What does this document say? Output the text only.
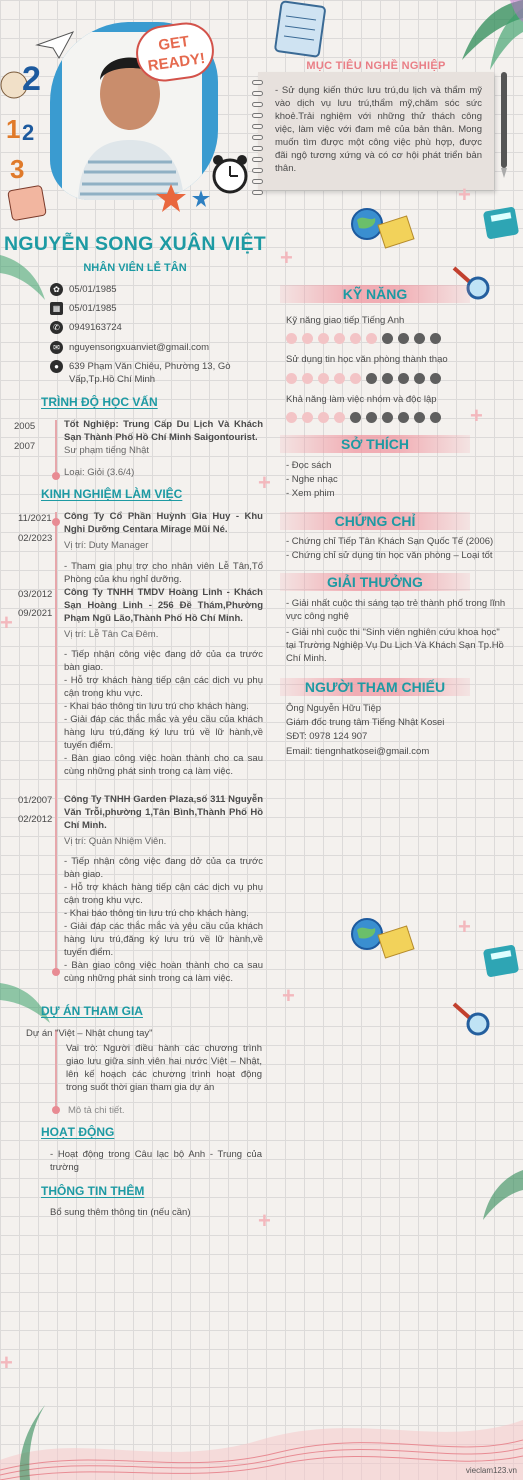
2
1 2
3
GET READY!	MỤC TIÊU NGHỀ NGHIỆP

- Sử dụng kiến thức lưu trú,du lịch và thẩm mỹ vào dịch vụ lưu trú,thẩm mỹ,chăm sóc sức khoẻ.Trải nghiệm với những thử thách công việc, làm việc với đam mê của bản thân. Mong muốn tìm được một công việc phù hợp, được đãi ngộ tương xứng và có cơ hội phát triển bản thân.

NGUYỄN SONG XUÂN VIỆT
NHÂN VIÊN LỄ TÂN
✿ 05/01/1985
▦ 05/01/1985
✆ 0949163724
✉ nguyensongxuanviet@gmail.com
●	639 Phạm Văn Chiêu, Phường 13, Gò Vấp,Tp.Hồ Chí Minh
TRÌNH ĐỘ HỌC VẤN
2005
2007
Tốt Nghiệp: Trung Cấp Du Lịch Và Khách Sạn Thành Phố Hồ Chí Minh Saigontourist.
Sư phạm tiếng Nhật
Loại: Giỏi (3.6/4)
KINH NGHIỆM LÀM VIỆC
11/2021
02/2023
Công Ty Cổ Phần Huỳnh Gia Huy - Khu Nghỉ Dưỡng Centara Mirage Mũi Né.
Vị trí: Duty Manager
- Tham gia phụ trợ cho nhân viên Lễ Tân,Tổ Phòng của khu nghỉ dưỡng.
03/2012
09/2021
Công Ty TNHH TMDV Hoàng Linh - Khách Sạn Hoàng Linh - 256 Đề Thám,Phường Phạm Ngũ Lão,Thành Phố Hồ Chí Minh.
Vị trí: Lễ Tân Ca Đêm.
- Tiếp nhận công việc đang dở của ca trước bàn giao.
- Hỗ trợ khách hàng tiếp cận các dịch vụ phụ cận trong khu vực.
- Khai báo thông tin lưu trú cho khách hàng.
- Giải đáp các thắc mắc và yêu cầu của khách hàng lưu trú,đăng ký lưu trú về lữ hành,về tuyến điểm.
- Bàn giao công việc hoàn thành cho ca sau cùng những phát sinh trong ca làm việc.
01/2007
02/2012
Công Ty TNHH Garden Plaza,số 311 Nguyễn Văn Trỗi,phường 1,Tân Bình,Thành Phố Hồ Chí Minh.
Vị trí: Quản Nhiệm Viên.
- Tiếp nhận công việc đang dở của ca trước bàn giao.
- Hỗ trợ khách hàng tiếp cận các dịch vụ phụ cận trong khu vực.
- Khai báo thông tin lưu trú cho khách hàng.
- Giải đáp các thắc mắc và yêu cầu của khách hàng lưu trú,đăng ký lưu trú về lữ hành,về tuyến điểm.
- Bàn giao công việc hoàn thành cho ca sau cùng những phát sinh trong ca làm việc.
DỰ ÁN THAM GIA
Dự án "Việt – Nhật chung tay"
Vai trò: Người điều hành các chương trình giao lưu giữa sinh viên hai nước Việt – Nhật, lên kế hoạch các chương trình hoạt động trong suốt thời gian tham gia dự án
Mô tả chi tiết.
HOẠT ĐỘNG
- Hoạt động trong Câu lạc bộ Anh - Trung của trường
THÔNG TIN THÊM
Bổ sung thêm thông tin (nếu cần)
+
+
+
+
+
+
+
+
+
KỸ NĂNG
Kỹ năng giao tiếp Tiếng Anh
Sử dụng tin học văn phòng thành thạo
Khả năng làm việc nhóm và độc lập
SỞ THÍCH
- Đọc sách
- Nghe nhạc
- Xem phim
CHỨNG CHỈ
- Chứng chỉ Tiếp Tân Khách Sạn Quốc Tế (2006)
- Chứng chỉ sử dụng tin học văn phòng – Loại tốt
GIẢI THƯỞNG
- Giải nhất cuộc thi sáng tạo trẻ thành phố trong lĩnh vực công nghệ
- Giải nhì cuộc thi "Sinh viên nghiên cứu khoa học" tại Trường Nghiệp Vụ Du Lịch Và Khách Sạn Tp.Hồ Chí Minh.
NGƯỜI THAM CHIẾU
Ông Nguyễn Hữu Tiệp
Giám đốc trung tâm Tiếng Nhật Kosei
SĐT: 0978 124 907
Email: tiengnhatkosei@gmail.com
vieclam123.vn
